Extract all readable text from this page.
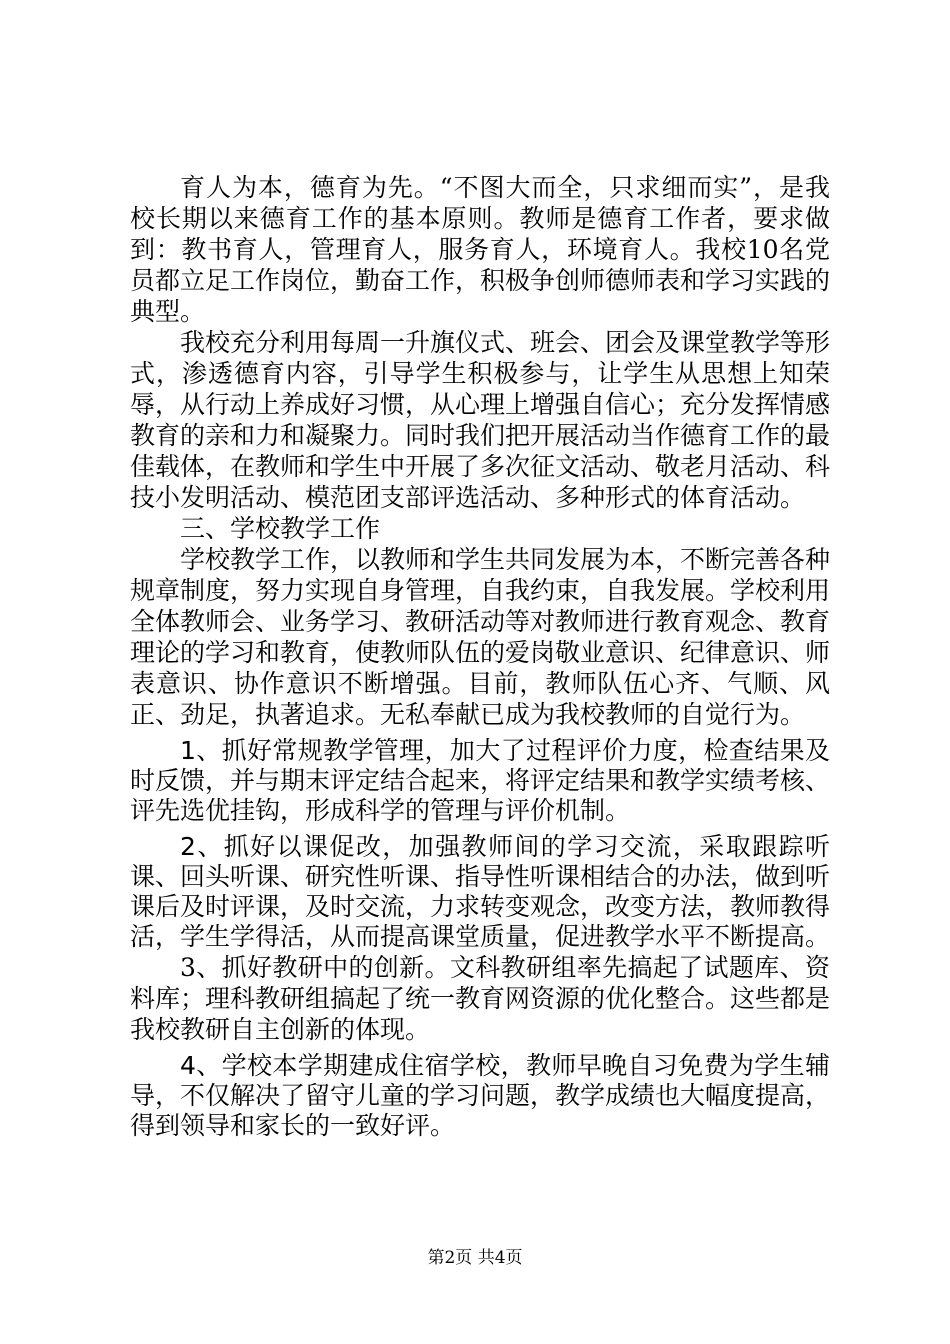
育人为本，德育为先。“不图大而全，只求细而实”，是我校长期以来德育工作的基本原则。教师是德育工作者，要求做到：教书育人，管理育人，服务育人，环境育人。我校10名党员都立足工作岗位，勤奋工作，积极争创师德师表和学习实践的典型。

我校充分利用每周一升旗仪式、班会、团会及课堂教学等形式，渗透德育内容，引导学生积极参与，让学生从思想上知荣辱，从行动上养成好习惯，从心理上增强自信心；充分发挥情感教育的亲和力和凝聚力。同时我们把开展活动当作德育工作的最佳载体，在教师和学生中开展了多次征文活动、敬老月活动、科技小发明活动、模范团支部评选活动、多种形式的体育活动。

三、学校教学工作

学校教学工作，以教师和学生共同发展为本，不断完善各种规章制度，努力实现自身管理，自我约束，自我发展。学校利用全体教师会、业务学习、教研活动等对教师进行教育观念、教育理论的学习和教育，使教师队伍的爱岗敬业意识、纪律意识、师表意识、协作意识不断增强。目前，教师队伍心齐、气顺、风正、劲足，执著追求。无私奉献已成为我校教师的自觉行为。

1、抓好常规教学管理，加大了过程评价力度，检查结果及时反馈，并与期末评定结合起来，将评定结果和教学实绩考核、评先选优挂钩，形成科学的管理与评价机制。

2、抓好以课促改，加强教师间的学习交流，采取跟踪听课、回头听课、研究性听课、指导性听课相结合的办法，做到听课后及时评课，及时交流，力求转变观念，改变方法，教师教得活，学生学得活，从而提高课堂质量，促进教学水平不断提高。

3、抓好教研中的创新。文科教研组率先搞起了试题库、资料库；理科教研组搞起了统一教育网资源的优化整合。这些都是我校教研自主创新的体现。

4、学校本学期建成住宿学校，教师早晚自习免费为学生辅导，不仅解决了留守儿童的学习问题，教学成绩也大幅度提高，得到领导和家长的一致好评。

第2页 共4页
